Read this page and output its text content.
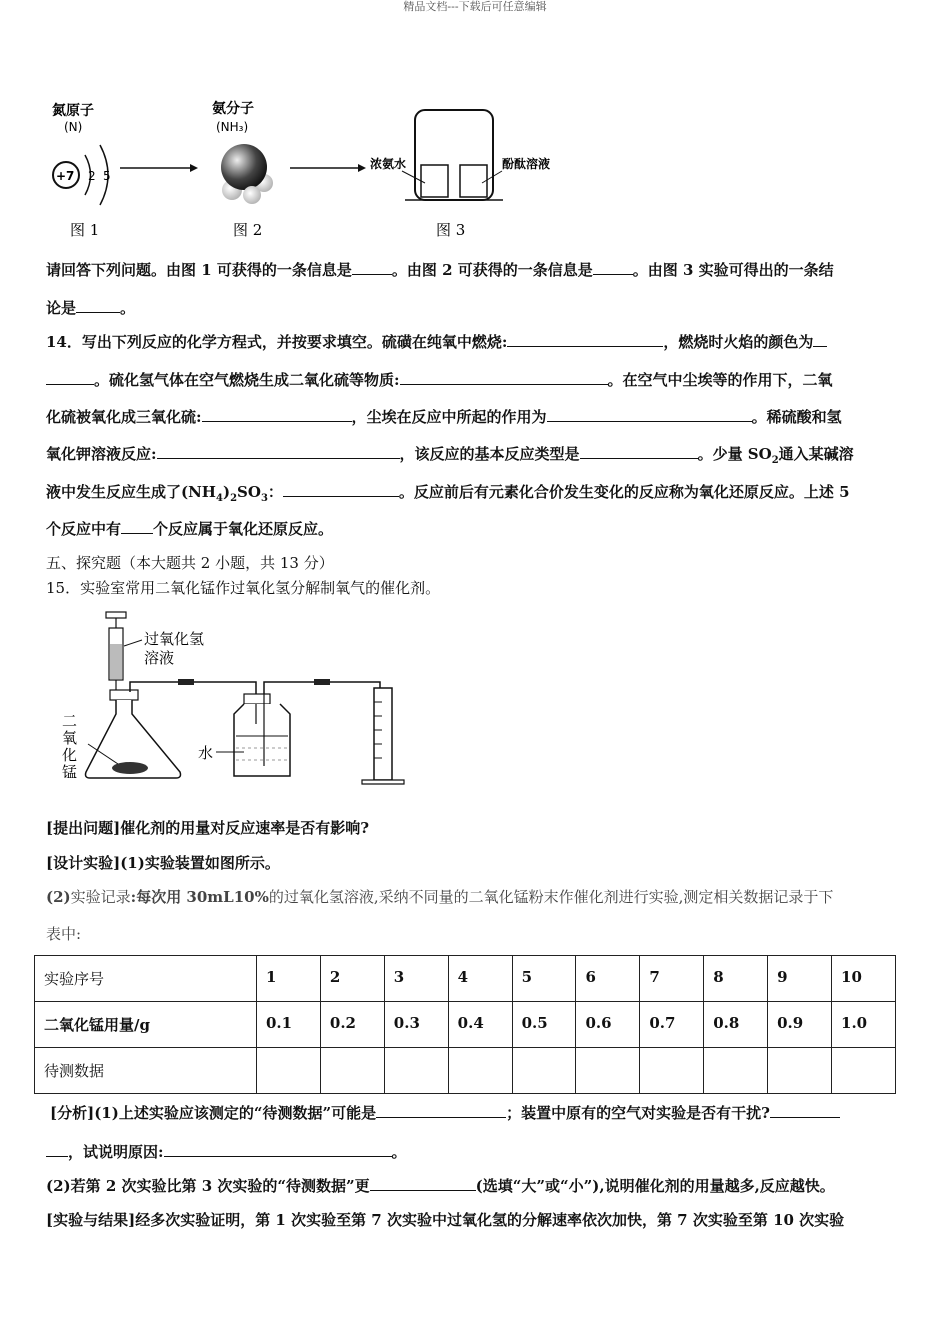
精品文档---下载后可任意编辑
氮原子
(N)
+7 2 5
氨分子
(NH₃)
浓氨水	酚酞溶液
图 1	图 2	图 3
请回答下列问题。由图 1 可获得的一条信息是	。由图 2 可获得的一条信息是	。由图 3 实验可得出的一条结
论是	。
14．写出下列反应的化学方程式，并按要求填空。硫磺在纯氧中燃烧:	，燃烧时火焰的颜色为
。硫化氢气体在空气燃烧生成二氧化硫等物质:	。在空气中尘埃等的作用下，二氧
化硫被氧化成三氧化硫:	，尘埃在反应中所起的作用为	。稀硫酸和氢
氧化钾溶液反应:	，该反应的基本反应类型是	。少量 $SO_2$通入某碱溶
液中发生反应生成了$(NH_4)_2SO_3$：	。反应前后有元素化合价发生变化的反应称为氧化还原反应。上述 5
个反应中有 个反应属于氧化还原反应。
五、探究题（本大题共 2 小题，共 13 分）
15．实验室常用二氧化锰作过氧化氢分解制氧气的催化剂。
过氧化氢
溶液
二
氧
化
锰
水
[提出问题]催化剂的用量对反应速率是否有影响?
[设计实验](1)实验装置如图所示。
(2)实验记录:每次用 30mL10%的过氧化氢溶液,采纳不同量的二氧化锰粉末作催化剂进行实验,测定相关数据记录于下
表中:
实验序号	1	2	3	4	5	6	7	8	9	10
二氧化锰用量/g	0.1	0.2	0.3	0.4	0.5	0.6	0.7	0.8	0.9	1.0
待测数据										
[分析](1)上述实验应该测定的“待测数据”可能是	；装置中原有的空气对实验是否有干扰?
，试说明原因:	。
(2)若第 2 次实验比第 3 次实验的“待测数据”更	(选填“大”或“小”),说明催化剂的用量越多,反应越快。
[实验与结果]经多次实验证明，第 1 次实验至第 7 次实验中过氧化氢的分解速率依次加快，第 7 次实验至第 10 次实验
